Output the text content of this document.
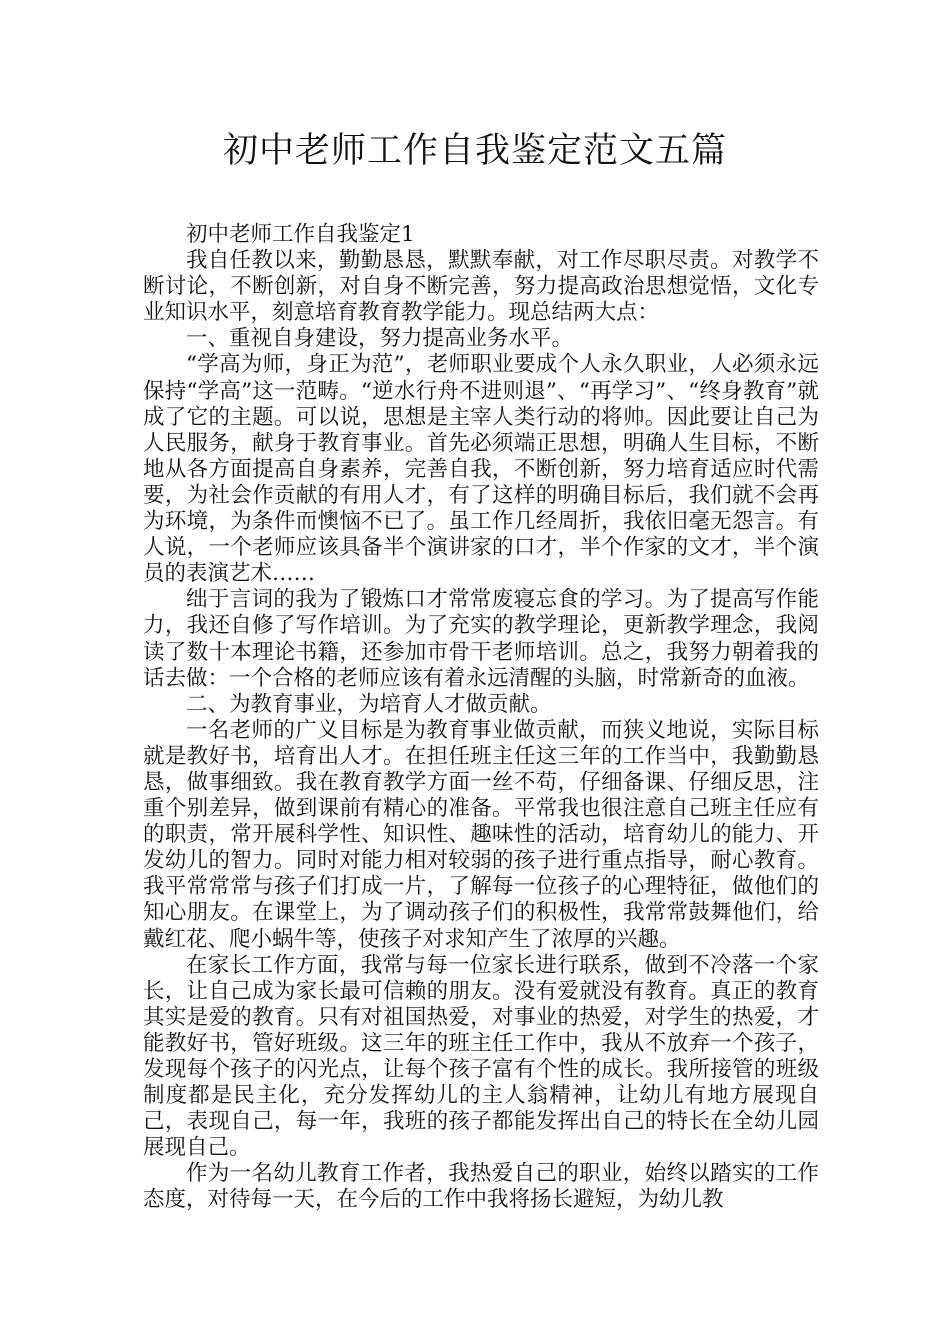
初中老师工作自我鉴定范文五篇

初中老师工作自我鉴定1

我自任教以来，勤勤恳恳，默默奉献，对工作尽职尽责。对教学不断讨论，不断创新，对自身不断完善，努力提高政治思想觉悟，文化专业知识水平，刻意培育教育教学能力。现总结两大点：

一、重视自身建设，努力提高业务水平。

“学高为师，身正为范”，老师职业要成个人永久职业，人必须永远保持“学高”这一范畴。“逆水行舟不进则退”、“再学习”、“终身教育”就成了它的主题。可以说，思想是主宰人类行动的将帅。因此要让自己为人民服务，献身于教育事业。首先必须端正思想，明确人生目标，不断地从各方面提高自身素养，完善自我，不断创新，努力培育适应时代需要，为社会作贡献的有用人才，有了这样的明确目标后，我们就不会再为环境，为条件而懊恼不已了。虽工作几经周折，我依旧毫无怨言。有人说，一个老师应该具备半个演讲家的口才，半个作家的文才，半个演员的表演艺术……

绌于言词的我为了锻炼口才常常废寝忘食的学习。为了提高写作能力，我还自修了写作培训。为了充实的教学理论，更新教学理念，我阅读了数十本理论书籍，还参加市骨干老师培训。总之，我努力朝着我的话去做：一个合格的老师应该有着永远清醒的头脑，时常新奇的血液。

二、为教育事业，为培育人才做贡献。

一名老师的广义目标是为教育事业做贡献，而狭义地说，实际目标就是教好书，培育出人才。在担任班主任这三年的工作当中，我勤勤恳恳，做事细致。我在教育教学方面一丝不苟，仔细备课、仔细反思，注重个别差异，做到课前有精心的准备。平常我也很注意自己班主任应有的职责，常开展科学性、知识性、趣味性的活动，培育幼儿的能力、开发幼儿的智力。同时对能力相对较弱的孩子进行重点指导，耐心教育。我平常常常与孩子们打成一片，了解每一位孩子的心理特征，做他们的知心朋友。在课堂上，为了调动孩子们的积极性，我常常鼓舞他们，给戴红花、爬小蜗牛等，使孩子对求知产生了浓厚的兴趣。

在家长工作方面，我常与每一位家长进行联系，做到不冷落一个家长，让自己成为家长最可信赖的朋友。没有爱就没有教育。真正的教育其实是爱的教育。只有对祖国热爱，对事业的热爱，对学生的热爱，才能教好书，管好班级。这三年的班主任工作中，我从不放弃一个孩子，发现每个孩子的闪光点，让每个孩子富有个性的成长。我所接管的班级制度都是民主化，充分发挥幼儿的主人翁精神，让幼儿有地方展现自己，表现自己，每一年，我班的孩子都能发挥出自己的特长在全幼儿园展现自己。

作为一名幼儿教育工作者，我热爱自己的职业，始终以踏实的工作态度，对待每一天，在今后的工作中我将扬长避短，为幼儿教
